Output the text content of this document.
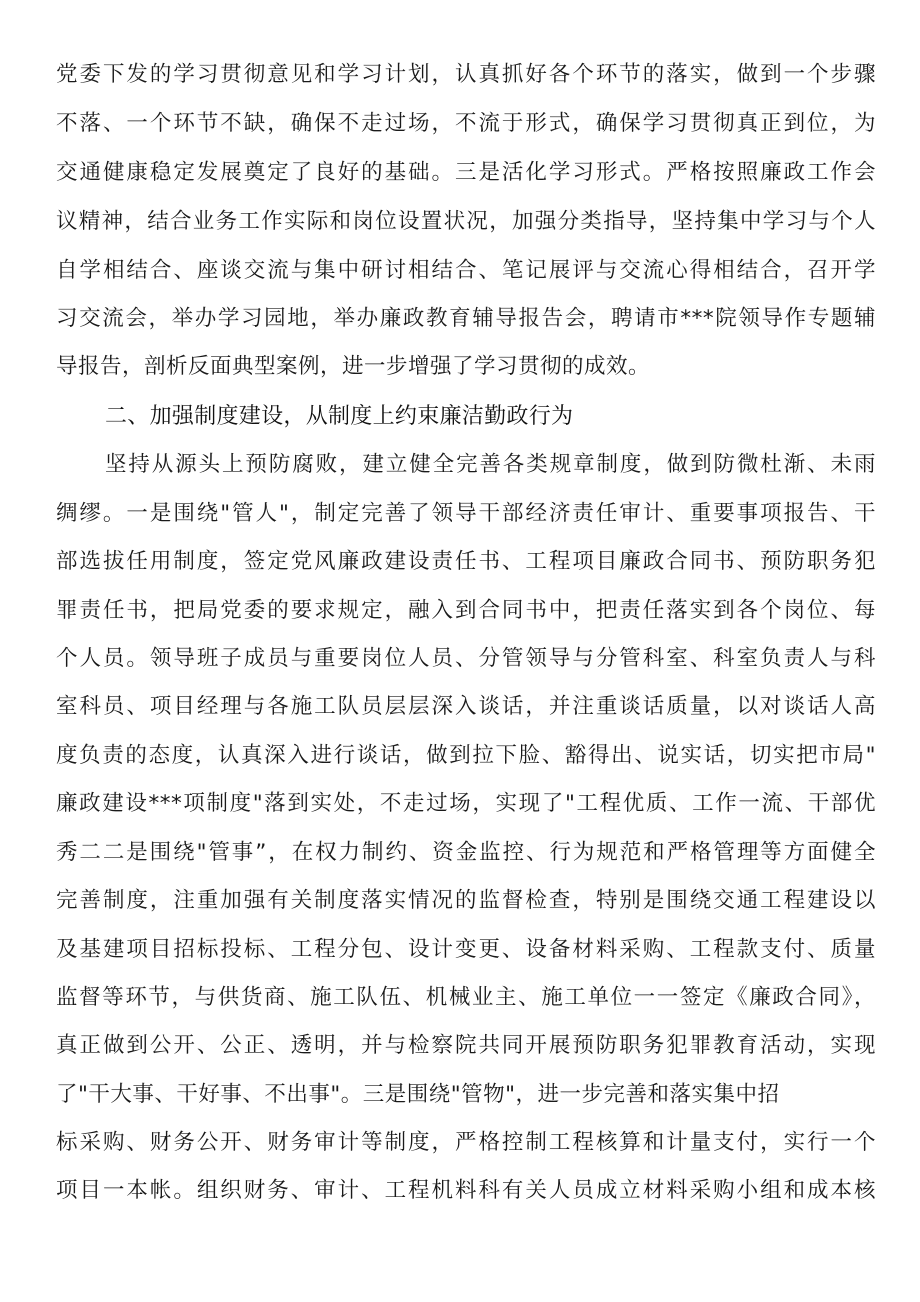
党委下发的学习贯彻意见和学习计划，认真抓好各个环节的落实，做到一个步骤
不落、一个环节不缺，确保不走过场，不流于形式，确保学习贯彻真正到位，为
交通健康稳定发展奠定了良好的基础。三是活化学习形式。严格按照廉政工作会
议精神，结合业务工作实际和岗位设置状况，加强分类指导，坚持集中学习与个人
自学相结合、座谈交流与集中研讨相结合、笔记展评与交流心得相结合，召开学
习交流会，举办学习园地，举办廉政教育辅导报告会，聘请市***院领导作专题辅
导报告，剖析反面典型案例，进一步增强了学习贯彻的成效。
二、加强制度建设，从制度上约束廉洁勤政行为
坚持从源头上预防腐败，建立健全完善各类规章制度，做到防微杜渐、未雨
绸缪。一是围绕"管人"，制定完善了领导干部经济责任审计、重要事项报告、干
部选拔任用制度，签定党风廉政建设责任书、工程项目廉政合同书、预防职务犯
罪责任书，把局党委的要求规定，融入到合同书中，把责任落实到各个岗位、每
个人员。领导班子成员与重要岗位人员、分管领导与分管科室、科室负责人与科
室科员、项目经理与各施工队员层层深入谈话，并注重谈话质量，以对谈话人高
度负责的态度，认真深入进行谈话，做到拉下脸、豁得出、说实话，切实把市局"
廉政建设***项制度"落到实处，不走过场，实现了"工程优质、工作一流、干部优
秀二二是围绕"管事”，在权力制约、资金监控、行为规范和严格管理等方面健全
完善制度，注重加强有关制度落实情况的监督检查，特别是围绕交通工程建设以
及基建项目招标投标、工程分包、设计变更、设备材料采购、工程款支付、质量
监督等环节，与供货商、施工队伍、机械业主、施工单位一一签定《廉政合同》，
真正做到公开、公正、透明，并与检察院共同开展预防职务犯罪教育活动，实现
了"干大事、干好事、不出事"。三是围绕"管物"，进一步完善和落实集中招
标采购、财务公开、财务审计等制度，严格控制工程核算和计量支付，实行一个
项目一本帐。组织财务、审计、工程机料科有关人员成立材料采购小组和成本核
